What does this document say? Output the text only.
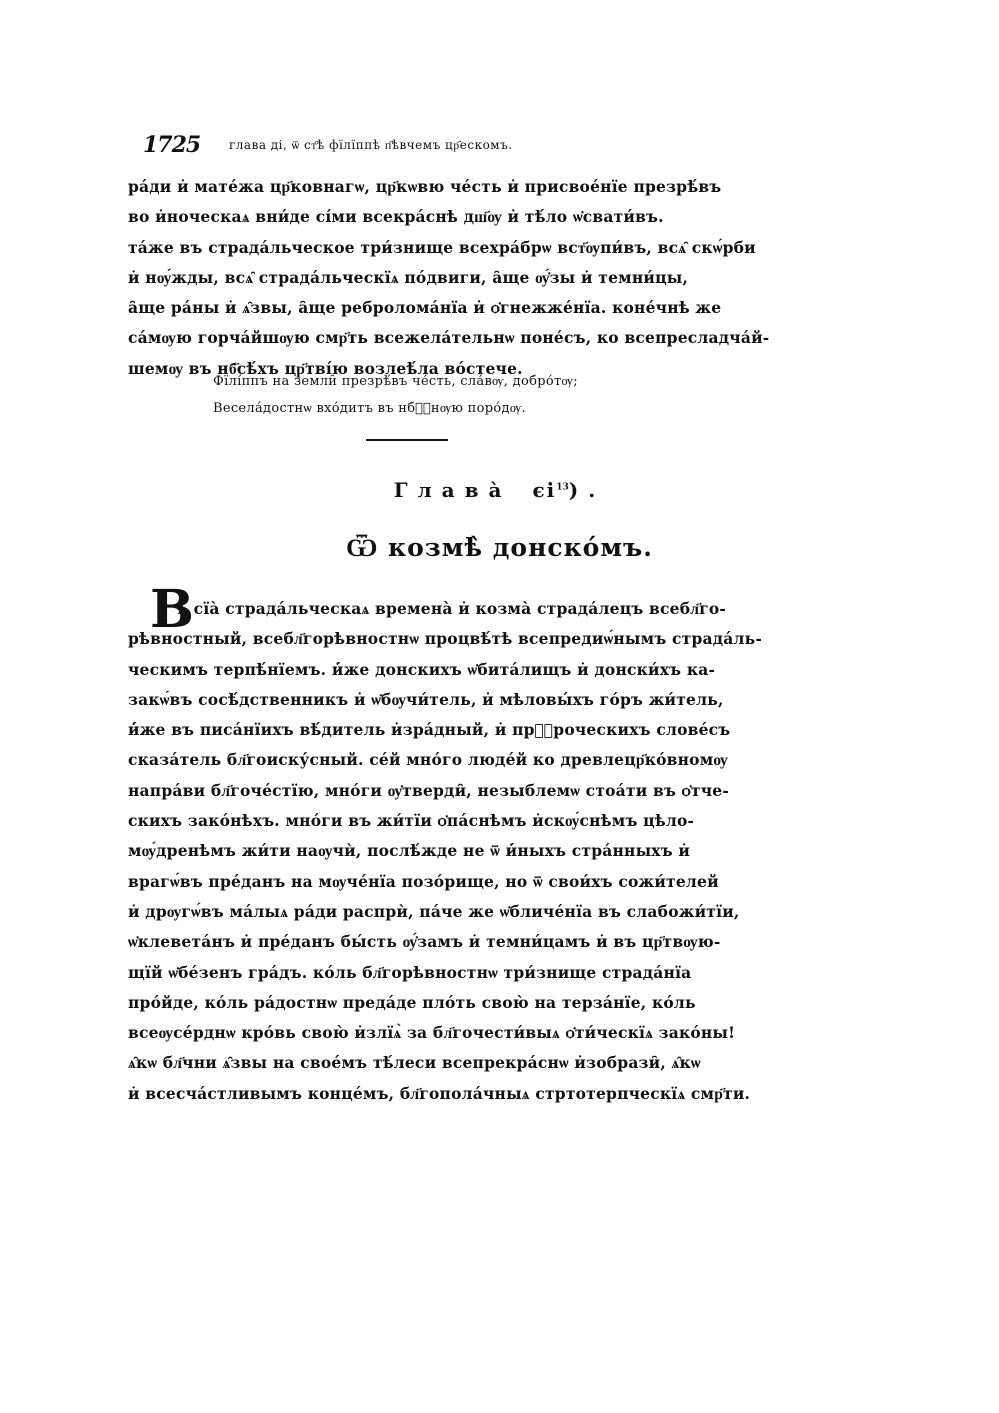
1725 глава ді, ѿ ст҃ѣ фїлїппѣ п҃ѣвчемъ цр҃ескомъ.
ра́ди и̇ мате́жа цр҃ковнагѡ, цр҃кѡвю че́сть и̇ присвое́нїе презрѣ́въ
во и̇ноческаѧ вни́де сі́ми всекра́снѣ дш҃ѹ и̇ тѣ́ло ѡ̇свати́въ.
та́же въ страда́льческое три́знище всехра́брѡ вст҃ѹпи́въ, всѧ̑ скѡ́рби
и̇ нѹ́жды, всѧ̑ страда́льческїѧ по́двиги, а̑ще ѹ̇́зы и̇ темни́цы,
а̑ще ра́ны и̇ ѧ̑звы, а̑ще ребролома́нїа и̇ ѻ̇гнежже́нїа. коне́чнѣ же
са́мѹю горча́йшѹю смр҃ть всежела́тельнѡ поне́съ, ко всепресладча́й-
шемѹ въ нб҃сѣ́хъ цр҃тві́ю возлеѣ́ла во́стече.
Фїлі́ппъ на земли̑ презрѣ́въ че́сть, сла́вѹ, добро́тѹ;
Весела́достнѡ вхо́дитъ въ нбⷭ҇нѹю поро́дѹ.
Глава̀ $єі^{13}$).
Ѿ козмѣ̀ донско́мъ.
В
ъ сїа̀ страда́льческаѧ времена̀ и̇ козма̀ страда́лецъ всебл҃го-
рѣвностный, всебл҃горѣвностнѡ процвѣ́тѣ всепредиѡ́нымъ страда́ль-
ческимъ терпѣ́нїемъ. и̇́же донскихъ ѡ̇бита́лищъ и̇ донски́хъ ка-
закѡ́въ сосѣ́дственникъ и̇ ѡ̇бѹчи́тель, и̇ мѣловы́хъ го́ръ жи́тель,
и̇́же въ писа́нїихъ вѣ́дитель и̇зра́дный, и̇ прⷪ҇роческихъ слове́съ
сказа́тель бл҃гоиску́сный. се́й мно́го люде́й ко древлецр҃ко́вномѹ
напра́ви бл҃гоче́стїю, мно́ги ѹ̇тверди̑, незыблемѡ стоа́ти въ ѻ̇тче-
скихъ зако́нѣхъ. мно́ги въ жи́тїи ѻ̇па́снѣмъ и̇скѹ́снѣмъ цѣло-
мѹ́дренѣмъ жи́ти наѹчѝ, послѣ́жде не ѿ и̇́ныхъ стра́нныхъ и̇
врагѡ́въ пре́данъ на мѹче́нїа позо́рище, но ѿ свои́хъ сожи́телей
и̇ дрѹгѡ́въ ма́лыѧ ра́ди распрѝ, па́че же ѡ̇бличе́нїа въ слабожи́тїи,
ѡ̇клевета́нъ и̇ пре́данъ бы́сть ѹ̇́замъ и̇ темни́цамъ и̇ въ цр҃твѹю-
щїй ѡ̇бе́зенъ гра́дъ. ко́ль бл҃горѣвностнѡ три́знище страда́нїа
про́йде, ко́ль ра́достнѡ преда́де пло́ть свою̀ на терза́нїе, ко́ль
всеѹсе́рднѡ кро́вь свою̀ и̇злїѧ̀ за бл҃гочести́выѧ ѻ̇ти́ческїѧ зако́ны!
ѧ̑кѡ бл҃чни ѧ̑звы на свое́мъ тѣ́леси всепрекра́снѡ и̇зобрази̑, ѧ̑кѡ
и̇ всесча́стливымъ конце́мъ, бл҃гопола́чныѧ стртотерпческїѧ смр҃ти.
